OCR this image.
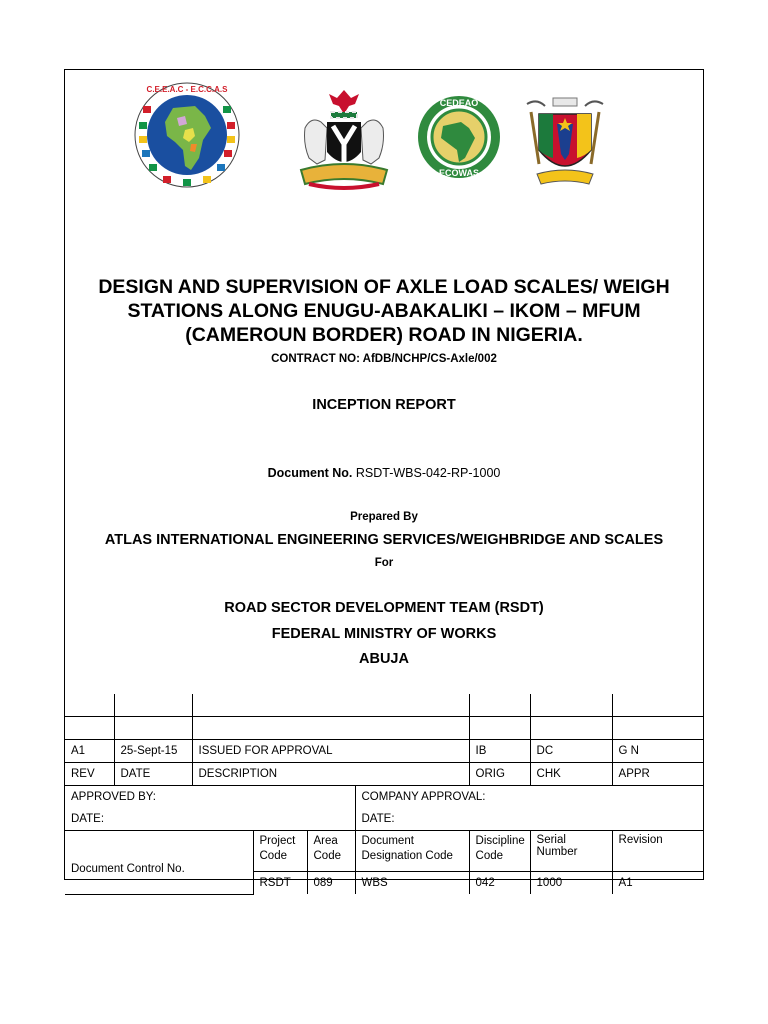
C.E.E.A.C - E.C.C.A.S
CEDEAO
ECOWAS
DESIGN AND SUPERVISION OF AXLE LOAD SCALES/ WEIGH
STATIONS ALONG ENUGU-ABAKALIKI – IKOM – MFUM
(CAMEROUN BORDER) ROAD IN NIGERIA.
CONTRACT NO: AfDB/NCHP/CS-Axle/002
INCEPTION REPORT
Document No. RSDT-WBS-042-RP-1000
Prepared By
ATLAS INTERNATIONAL ENGINEERING SERVICES/WEIGHBRIDGE AND SCALES
For
ROAD SECTOR DEVELOPMENT TEAM (RSDT)
FEDERAL MINISTRY OF WORKS
ABUJA

A1	25-Sept-15	ISSUED FOR APPROVAL				IB	DC	G N
REV	DATE	DESCRIPTION				ORIG	CHK	APPR
APPROVED BY:					COMPANY APPROVAL:			
DATE:					DATE:			
Document Control No.			Project Code	Area Code	Document Designation Code	Discipline Code	Serial Number	Revision
			RSDT	089	WBS	042	1000	A1
